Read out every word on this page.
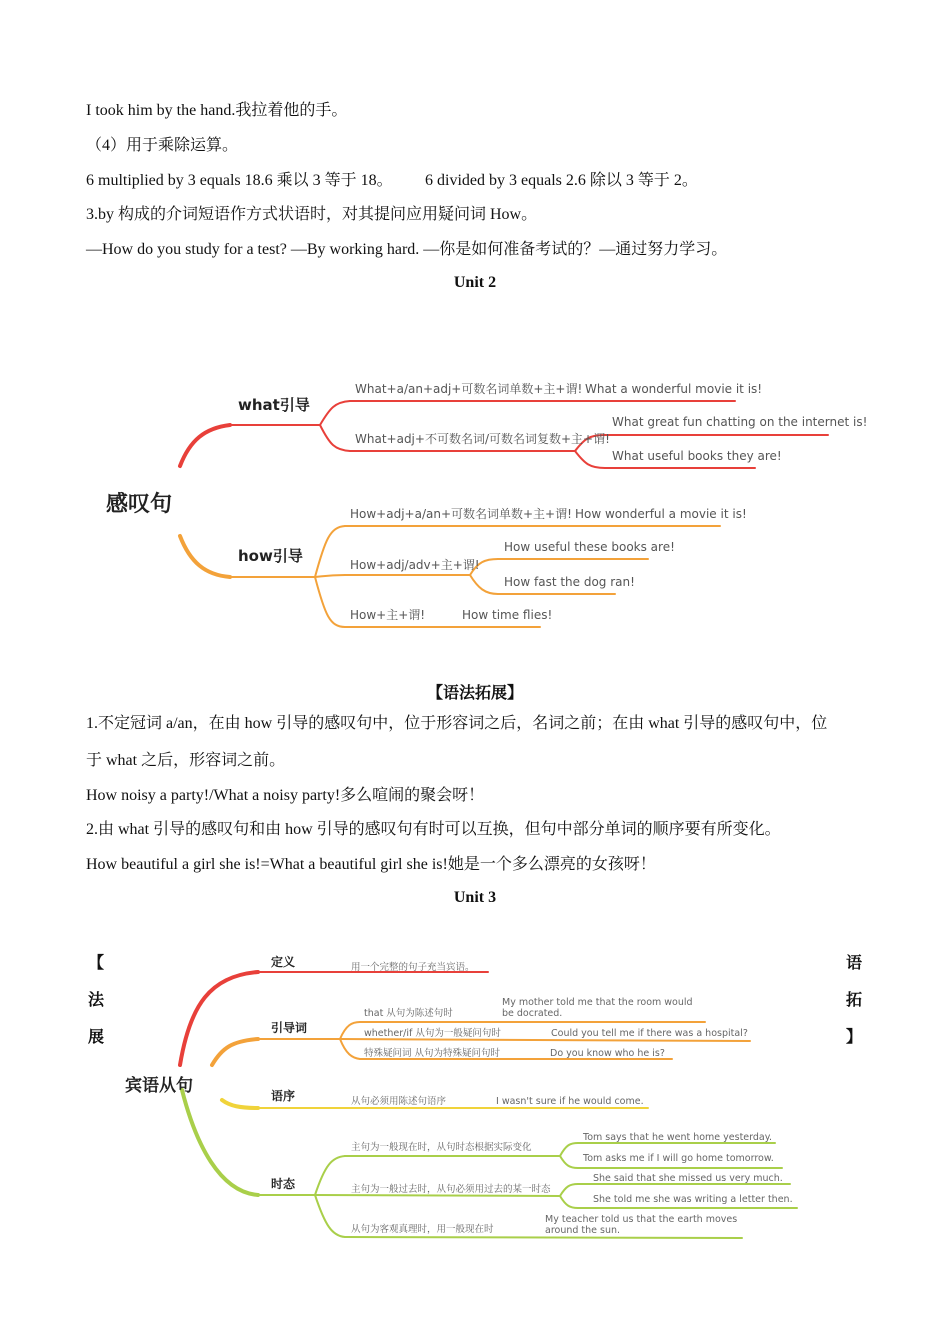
I took him by the hand.我拉着他的手。
（4）用于乘除运算。
6 multiplied by 3 equals 18.6 乘以 3 等于 18。 6 divided by 3 equals 2.6 除以 3 等于 2。
3.by 构成的介词短语作方式状语时，对其提问应用疑问词 How。
—How do you study for a test? —By working hard. —你是如何准备考试的？—通过努力学习。
Unit 2
感叹句
what引导
how引导
What+a/an+adj+可数名词单数+主+谓! What a wonderful movie it is!
What+adj+不可数名词/可数名词复数+主+谓!
What great fun chatting on the internet is!
What useful books they are!
How+adj+a/an+可数名词单数+主+谓! How wonderful a movie it is!
How+adj/adv+主+谓!
How useful these books are!
How fast the dog ran!
How+主+谓!	How time flies!
【语法拓展】
1.不定冠词 a/an，在由 how 引导的感叹句中，位于形容词之后，名词之前；在由 what 引导的感叹句中，位
于 what 之后，形容词之前。
How noisy a party!/What a noisy party!多么喧闹的聚会呀！
2.由 what 引导的感叹句和由 how 引导的感叹句有时可以互换，但句中部分单词的顺序要有所变化。
How beautiful a girl she is!=What a beautiful girl she is!她是一个多么漂亮的女孩呀！
Unit 3
【
法
展
语
拓
】
宾语从句
定义	用一个完整的句子充当宾语。
引导词
that 从句为陈述句时
My mother told me that the room would
be docrated.
whether/if 从句为一般疑问句时	Could you tell me if there was a hospital?
特殊疑问词 从句为特殊疑问句时	Do you know who he is?
语序	从句必须用陈述句语序	I wasn't sure if he would come.
时态
主句为一般现在时，从句时态根据实际变化
Tom says that he went home yesterday.
Tom asks me if I will go home tomorrow.
主句为一般过去时，从句必须用过去的某一时态
She said that she missed us very much.
She told me she was writing a letter then.
从句为客观真理时，用一般现在时
My teacher told us that the earth moves
around the sun.
